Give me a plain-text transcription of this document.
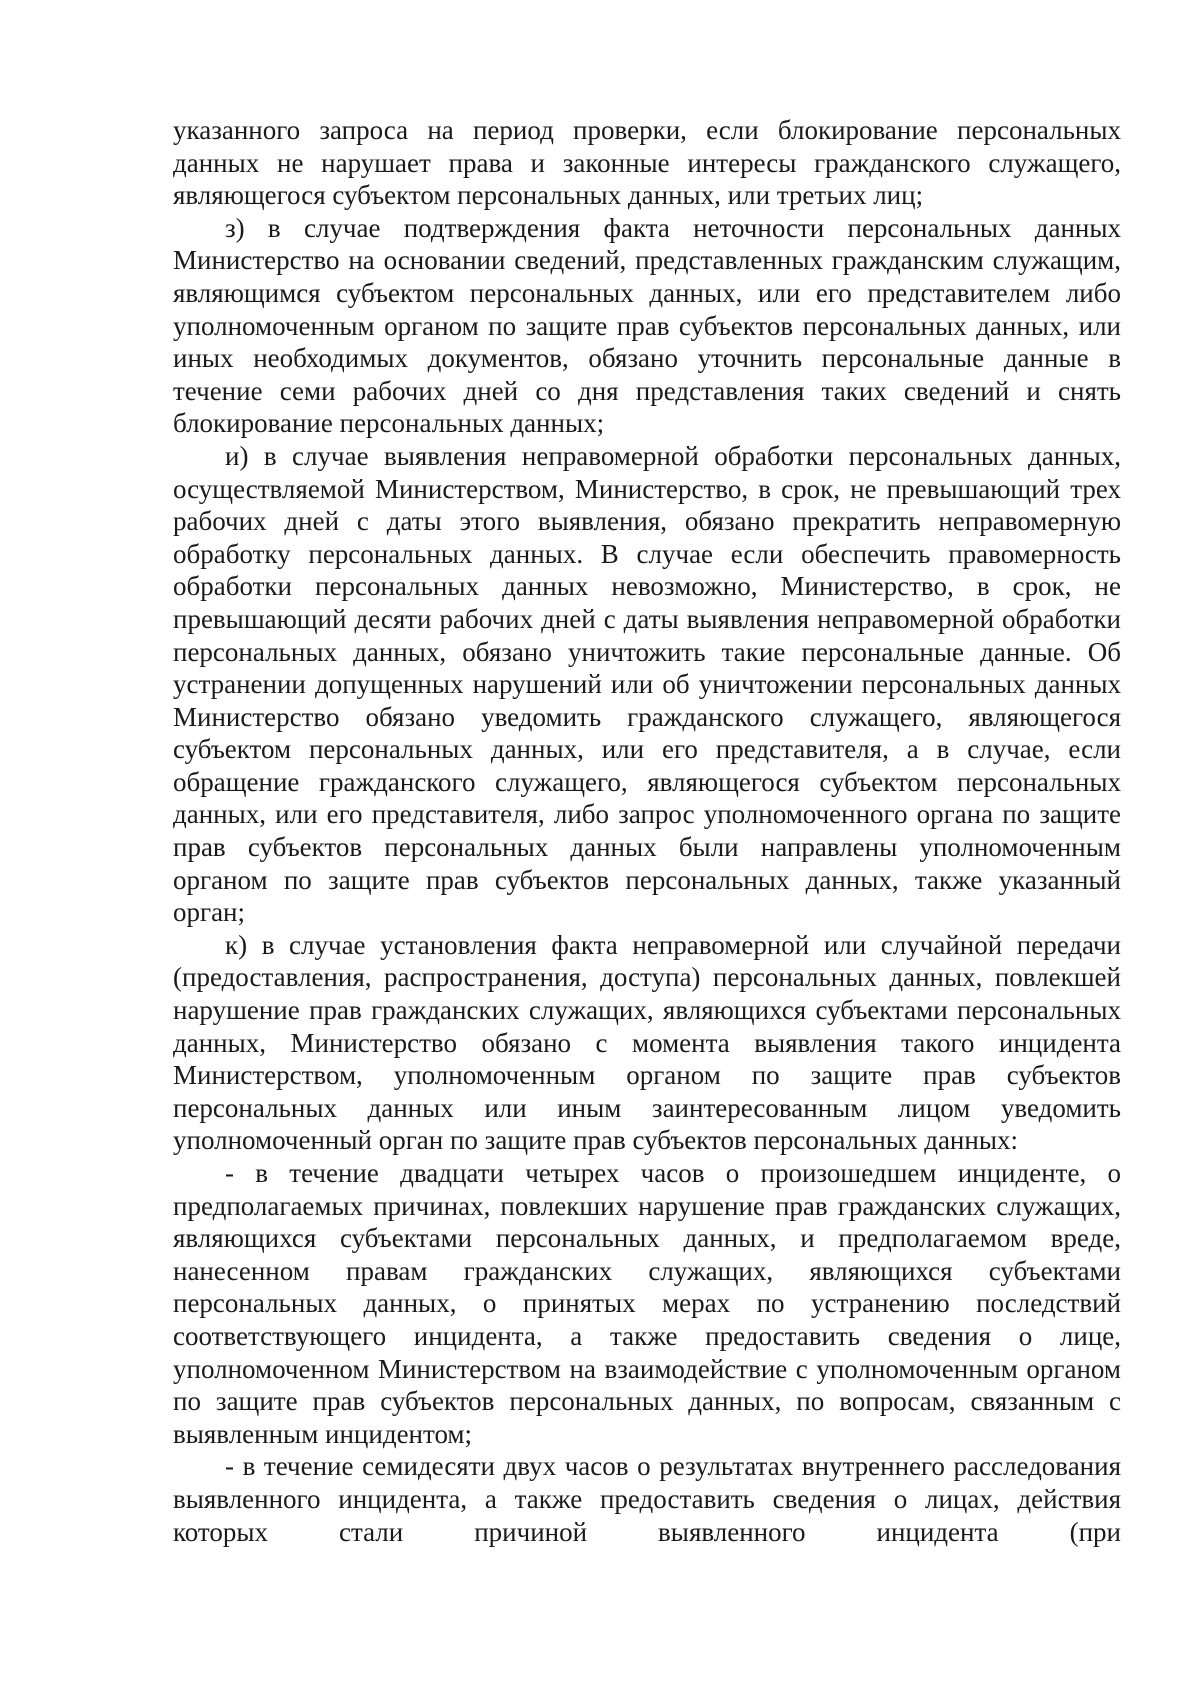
указанного запроса на период проверки, если блокирование персональных данных не нарушает права и законные интересы гражданского служащего, являющегося субъектом персональных данных, или третьих лиц;

з) в случае подтверждения факта неточности персональных данных Министерство на основании сведений, представленных гражданским служащим, являющимся субъектом персональных данных, или его представителем либо уполномоченным органом по защите прав субъектов персональных данных, или иных необходимых документов, обязано уточнить персональные данные в течение семи рабочих дней со дня представления таких сведений и снять блокирование персональных данных;

и) в случае выявления неправомерной обработки персональных данных, осуществляемой Министерством, Министерство, в срок, не превышающий трех рабочих дней с даты этого выявления, обязано прекратить неправомерную обработку персональных данных. В случае если обеспечить правомерность обработки персональных данных невозможно, Министерство, в срок, не превышающий десяти рабочих дней с даты выявления неправомерной обработки персональных данных, обязано уничтожить такие персональные данные. Об устранении допущенных нарушений или об уничтожении персональных данных Министерство обязано уведомить гражданского служащего, являющегося субъектом персональных данных, или его представителя, а в случае, если обращение гражданского служащего, являющегося субъектом персональных данных, или его представителя, либо запрос уполномоченного органа по защите прав субъектов персональных данных были направлены уполномоченным органом по защите прав субъектов персональных данных, также указанный орган;

к) в случае установления факта неправомерной или случайной передачи (предоставления, распространения, доступа) персональных данных, повлекшей нарушение прав гражданских служащих, являющихся субъектами персональных данных, Министерство обязано с момента выявления такого инцидента Министерством, уполномоченным органом по защите прав субъектов персональных данных или иным заинтересованным лицом уведомить уполномоченный орган по защите прав субъектов персональных данных:

- в течение двадцати четырех часов о произошедшем инциденте, о предполагаемых причинах, повлекших нарушение прав гражданских служащих, являющихся субъектами персональных данных, и предполагаемом вреде, нанесенном правам гражданских служащих, являющихся субъектами персональных данных, о принятых мерах по устранению последствий соответствующего инцидента, а также предоставить сведения о лице, уполномоченном Министерством на взаимодействие с уполномоченным органом по защите прав субъектов персональных данных, по вопросам, связанным с выявленным инцидентом;

- в течение семидесяти двух часов о результатах внутреннего расследования выявленного инцидента, а также предоставить сведения о лицах, действия которых стали причиной выявленного инцидента (при
